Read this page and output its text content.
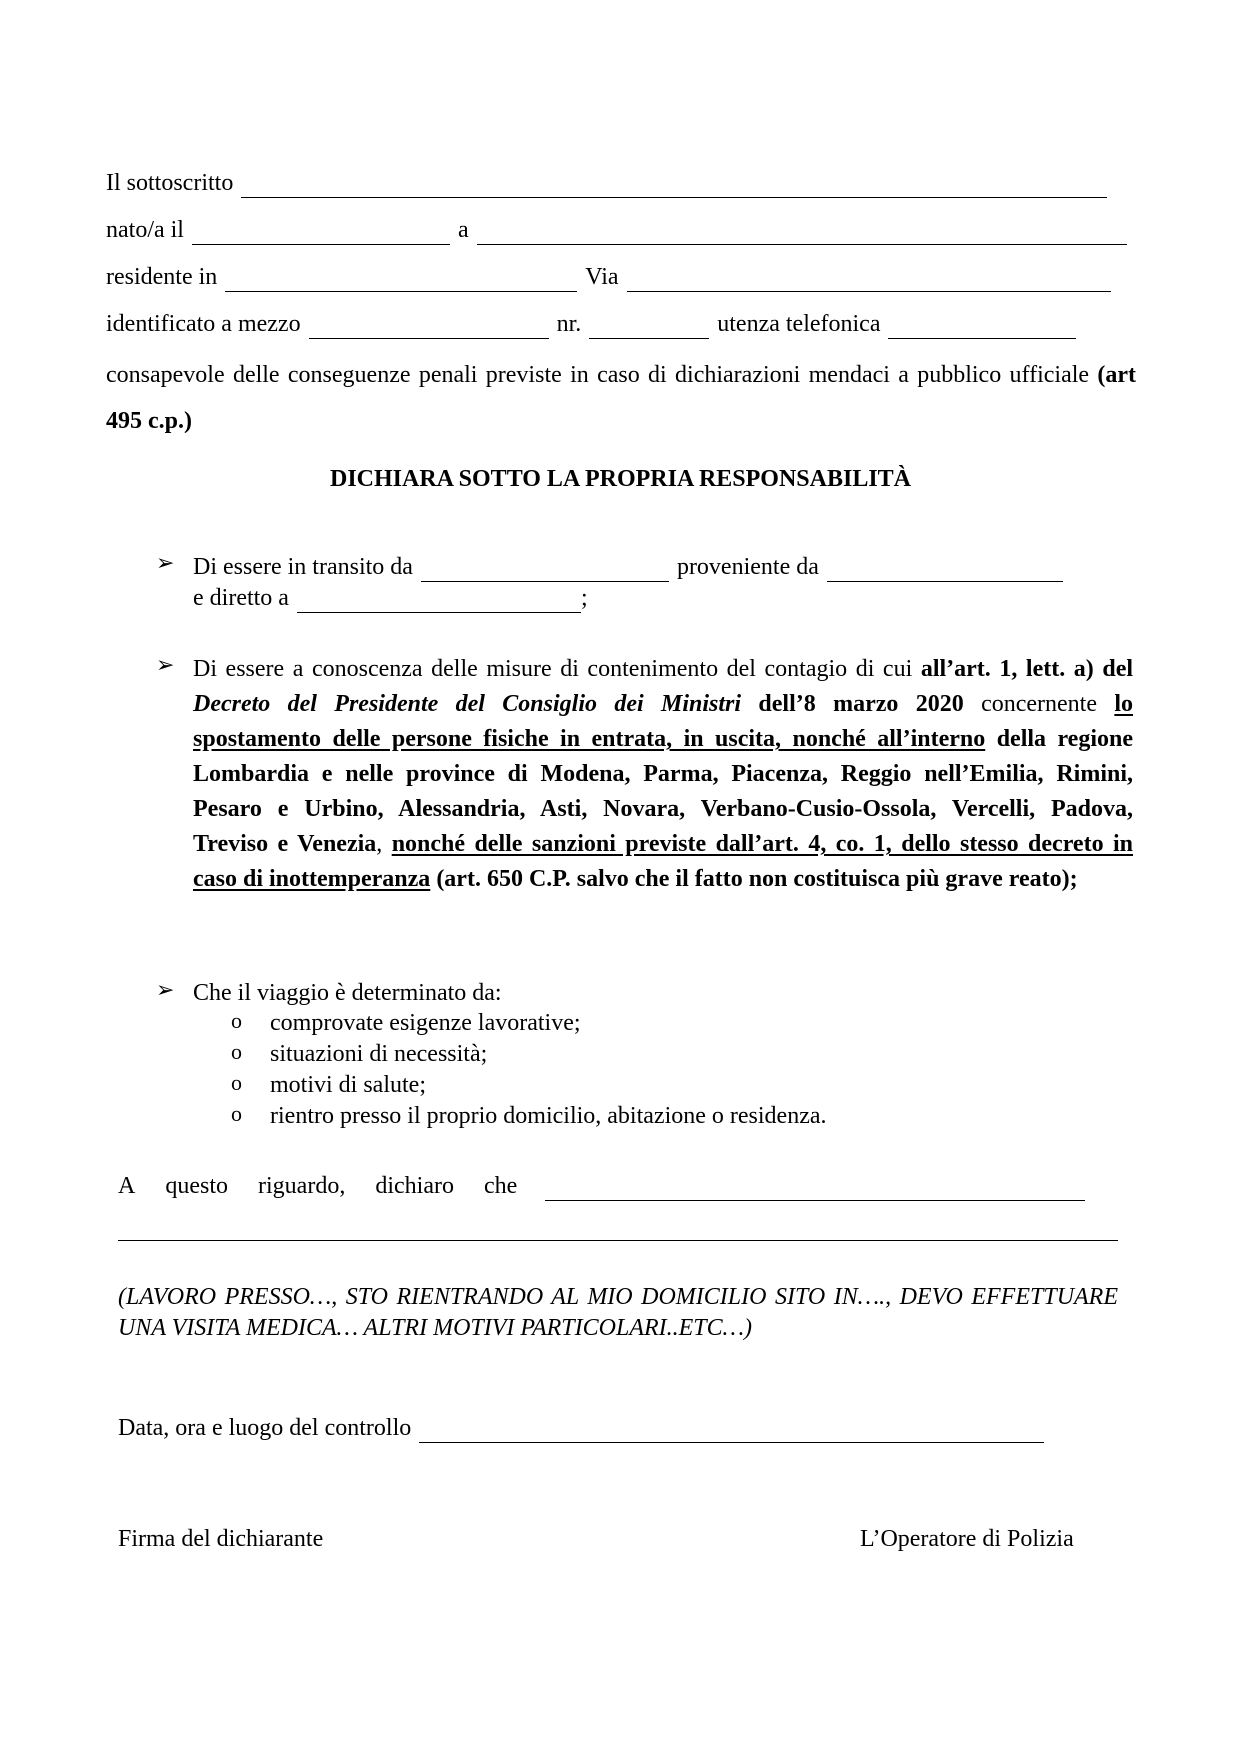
Il sottoscritto
nato/a il	a
residente in	Via
identificato a mezzo	nr.	utenza telefonica
consapevole delle conseguenze penali previste in caso di dichiarazioni mendaci a pubblico ufficiale (art 495 c.p.)
DICHIARA SOTTO LA PROPRIA RESPONSABILITÀ
➢ Di essere in transito da	proveniente da
e diretto a	;
➢ Di essere a conoscenza delle misure di contenimento del contagio di cui all’art. 1, lett. a) del Decreto del Presidente del Consiglio dei Ministri dell’8 marzo 2020 concernente lo spostamento delle persone fisiche in entrata, in uscita, nonché all’interno della regione Lombardia e nelle province di Modena, Parma, Piacenza, Reggio nell’Emilia, Rimini, Pesaro e Urbino, Alessandria, Asti, Novara, Verbano-Cusio-Ossola, Vercelli, Padova, Treviso e Venezia, nonché delle sanzioni previste dall’art. 4, co. 1, dello stesso decreto in caso di inottemperanza (art. 650 C.P. salvo che il fatto non costituisca più grave reato);
➢ Che il viaggio è determinato da:
o comprovate esigenze lavorative;
o situazioni di necessità;
o motivi di salute;
o rientro presso il proprio domicilio, abitazione o residenza.
A questo riguardo, dichiaro che
(LAVORO PRESSO…, STO RIENTRANDO AL MIO DOMICILIO SITO IN…., DEVO EFFETTUARE UNA VISITA MEDICA… ALTRI MOTIVI PARTICOLARI..ETC…)
Data, ora e luogo del controllo
Firma del dichiarante	L’Operatore di Polizia
